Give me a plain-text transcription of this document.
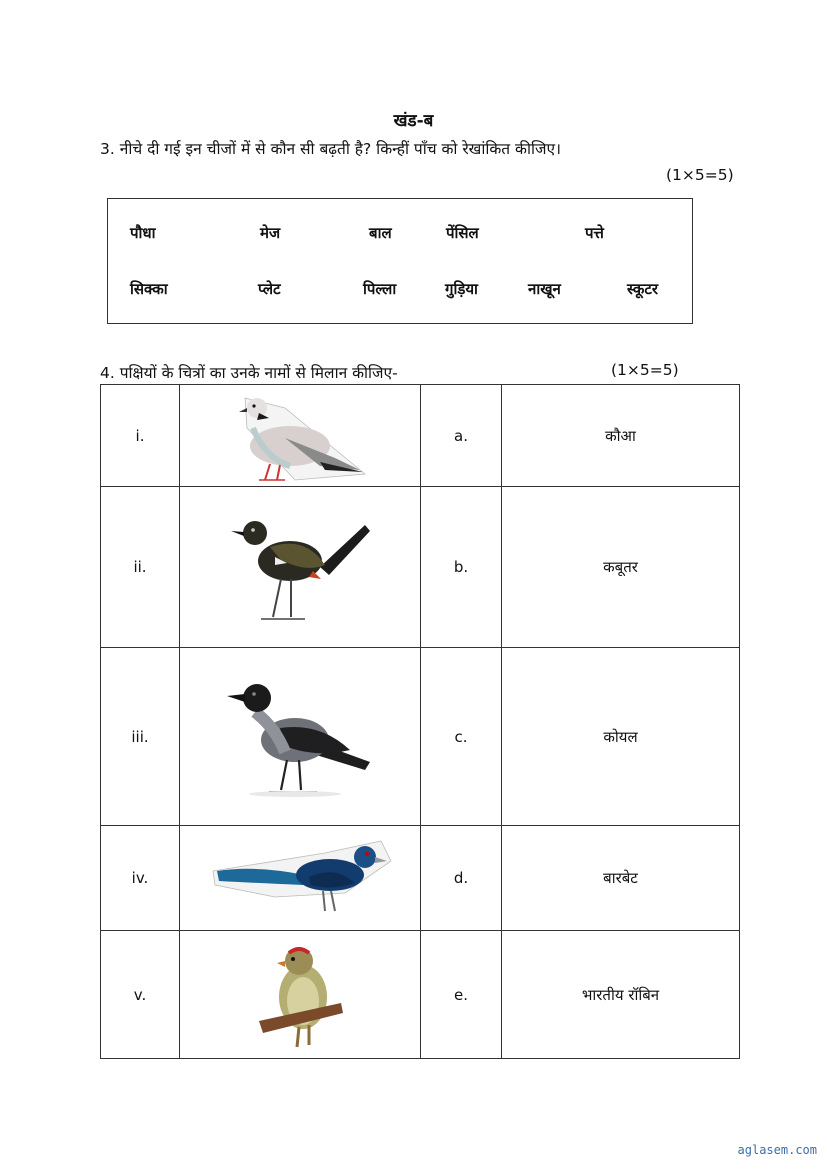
खंड-ब
3. नीचे दी गई इन चीजों में से कौन सी बढ़ती है? किन्हीं पाँच को रेखांकित कीजिए।
(1×5=5)
पौधा	मेज	बाल	पेंसिल	पत्ते
सिक्का	प्लेट	पिल्ला	गुड़िया	नाखून	स्कूटर
4. पक्षियों के चित्रों का उनके नामों से मिलान कीजिए-	(1×5=5)
i.		a.	कौआ
ii.		b.	कबूतर
iii.		c.	कोयल
iv.		d.	बारबेट
v.		e.	भारतीय रॉबिन
aglasem.com
